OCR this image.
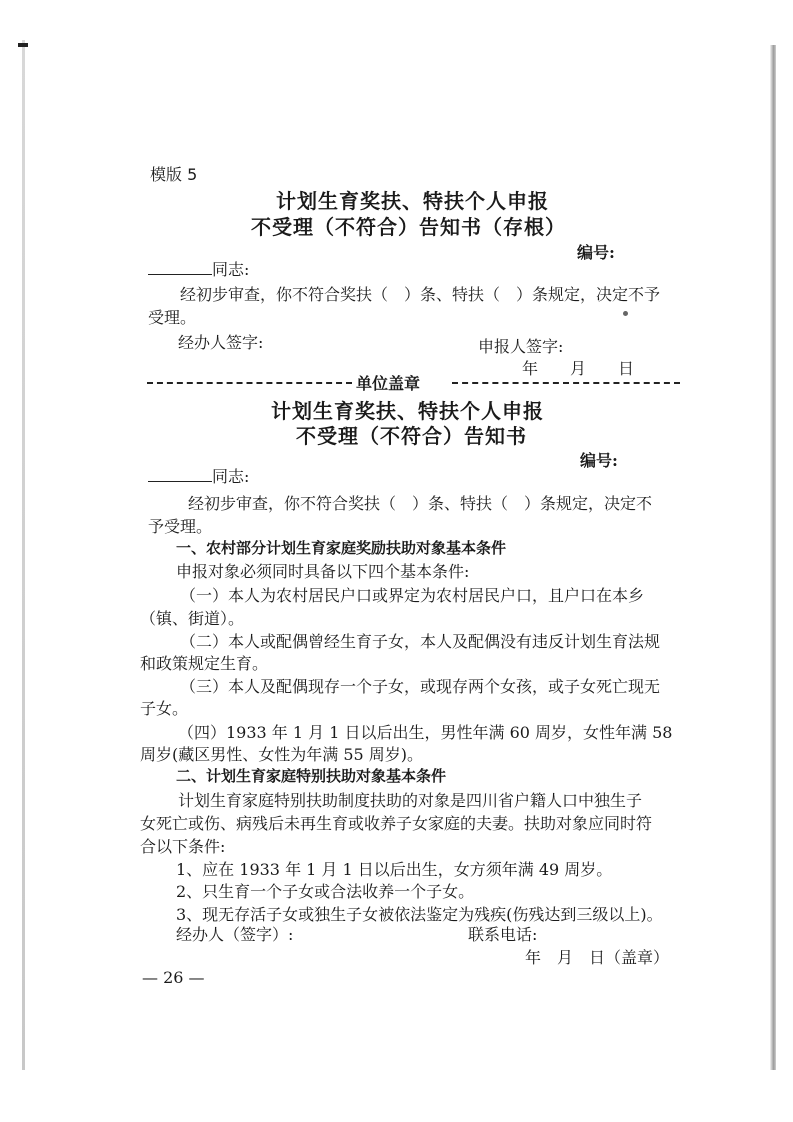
模版 5
计划生育奖扶、特扶个人申报
不受理（不符合）告知书（存根）
编号:
同志:
经初步审查，你不符合奖扶（　）条、特扶（　）条规定，决定不予
受理。
经办人签字:	申报人签字:
年　　月　　日
单位盖章
计划生育奖扶、特扶个人申报
不受理（不符合）告知书
编号:
同志:
经初步审查，你不符合奖扶（　）条、特扶（　）条规定，决定不
予受理。
一、农村部分计划生育家庭奖励扶助对象基本条件
申报对象必须同时具备以下四个基本条件:
（一）本人为农村居民户口或界定为农村居民户口，且户口在本乡
（镇、街道）。
（二）本人或配偶曾经生育子女，本人及配偶没有违反计划生育法规
和政策规定生育。
（三）本人及配偶现存一个子女，或现存两个女孩，或子女死亡现无
子女。
（四）1933 年 1 月 1 日以后出生，男性年满 60 周岁，女性年满 58
周岁(藏区男性、女性为年满 55 周岁)。
二、计划生育家庭特别扶助对象基本条件
计划生育家庭特别扶助制度扶助的对象是四川省户籍人口中独生子
女死亡或伤、病残后未再生育或收养子女家庭的夫妻。扶助对象应同时符
合以下条件:
1、应在 1933 年 1 月 1 日以后出生，女方须年满 49 周岁。
2、只生育一个子女或合法收养一个子女。
3、现无存活子女或独生子女被依法鉴定为残疾(伤残达到三级以上)。
经办人（签字）:	联系电话:
年　月　日（盖章）
— 26 —
